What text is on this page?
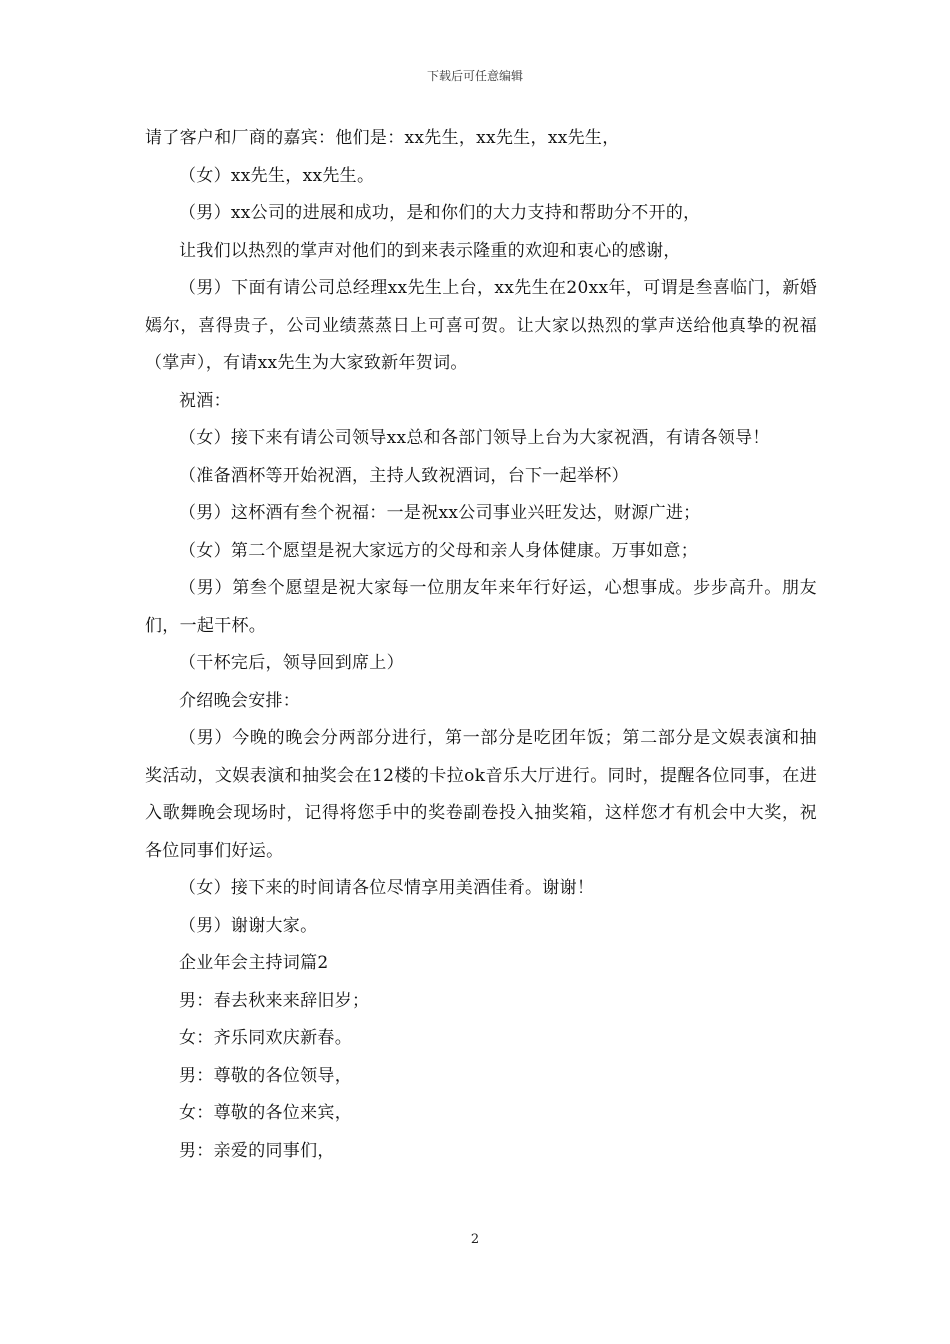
下载后可任意编辑

请了客户和厂商的嘉宾：他们是：xx先生，xx先生，xx先生，

（女）xx先生，xx先生。

（男）xx公司的进展和成功，是和你们的大力支持和帮助分不开的，

让我们以热烈的掌声对他们的到来表示隆重的欢迎和衷心的感谢，

（男）下面有请公司总经理xx先生上台，xx先生在20xx年，可谓是叁喜临门，新婚嫣尔，喜得贵子，公司业绩蒸蒸日上可喜可贺。让大家以热烈的掌声送给他真挚的祝福（掌声），有请xx先生为大家致新年贺词。

祝酒：

（女）接下来有请公司领导xx总和各部门领导上台为大家祝酒，有请各领导！

（准备酒杯等开始祝酒，主持人致祝酒词，台下一起举杯）

（男）这杯酒有叁个祝福：一是祝xx公司事业兴旺发达，财源广进；

（女）第二个愿望是祝大家远方的父母和亲人身体健康。万事如意；

（男）第叁个愿望是祝大家每一位朋友年来年行好运，心想事成。步步高升。朋友们，一起干杯。

（干杯完后，领导回到席上）

介绍晚会安排：

（男）今晚的晚会分两部分进行，第一部分是吃团年饭；第二部分是文娱表演和抽奖活动，文娱表演和抽奖会在12楼的卡拉ok音乐大厅进行。同时，提醒各位同事，在进入歌舞晚会现场时，记得将您手中的奖卷副卷投入抽奖箱，这样您才有机会中大奖，祝各位同事们好运。

（女）接下来的时间请各位尽情享用美酒佳肴。谢谢！

（男）谢谢大家。

企业年会主持词篇2

男：春去秋来来辞旧岁；

女：齐乐同欢庆新春。

男：尊敬的各位领导，

女：尊敬的各位来宾，

男：亲爱的同事们，

2
